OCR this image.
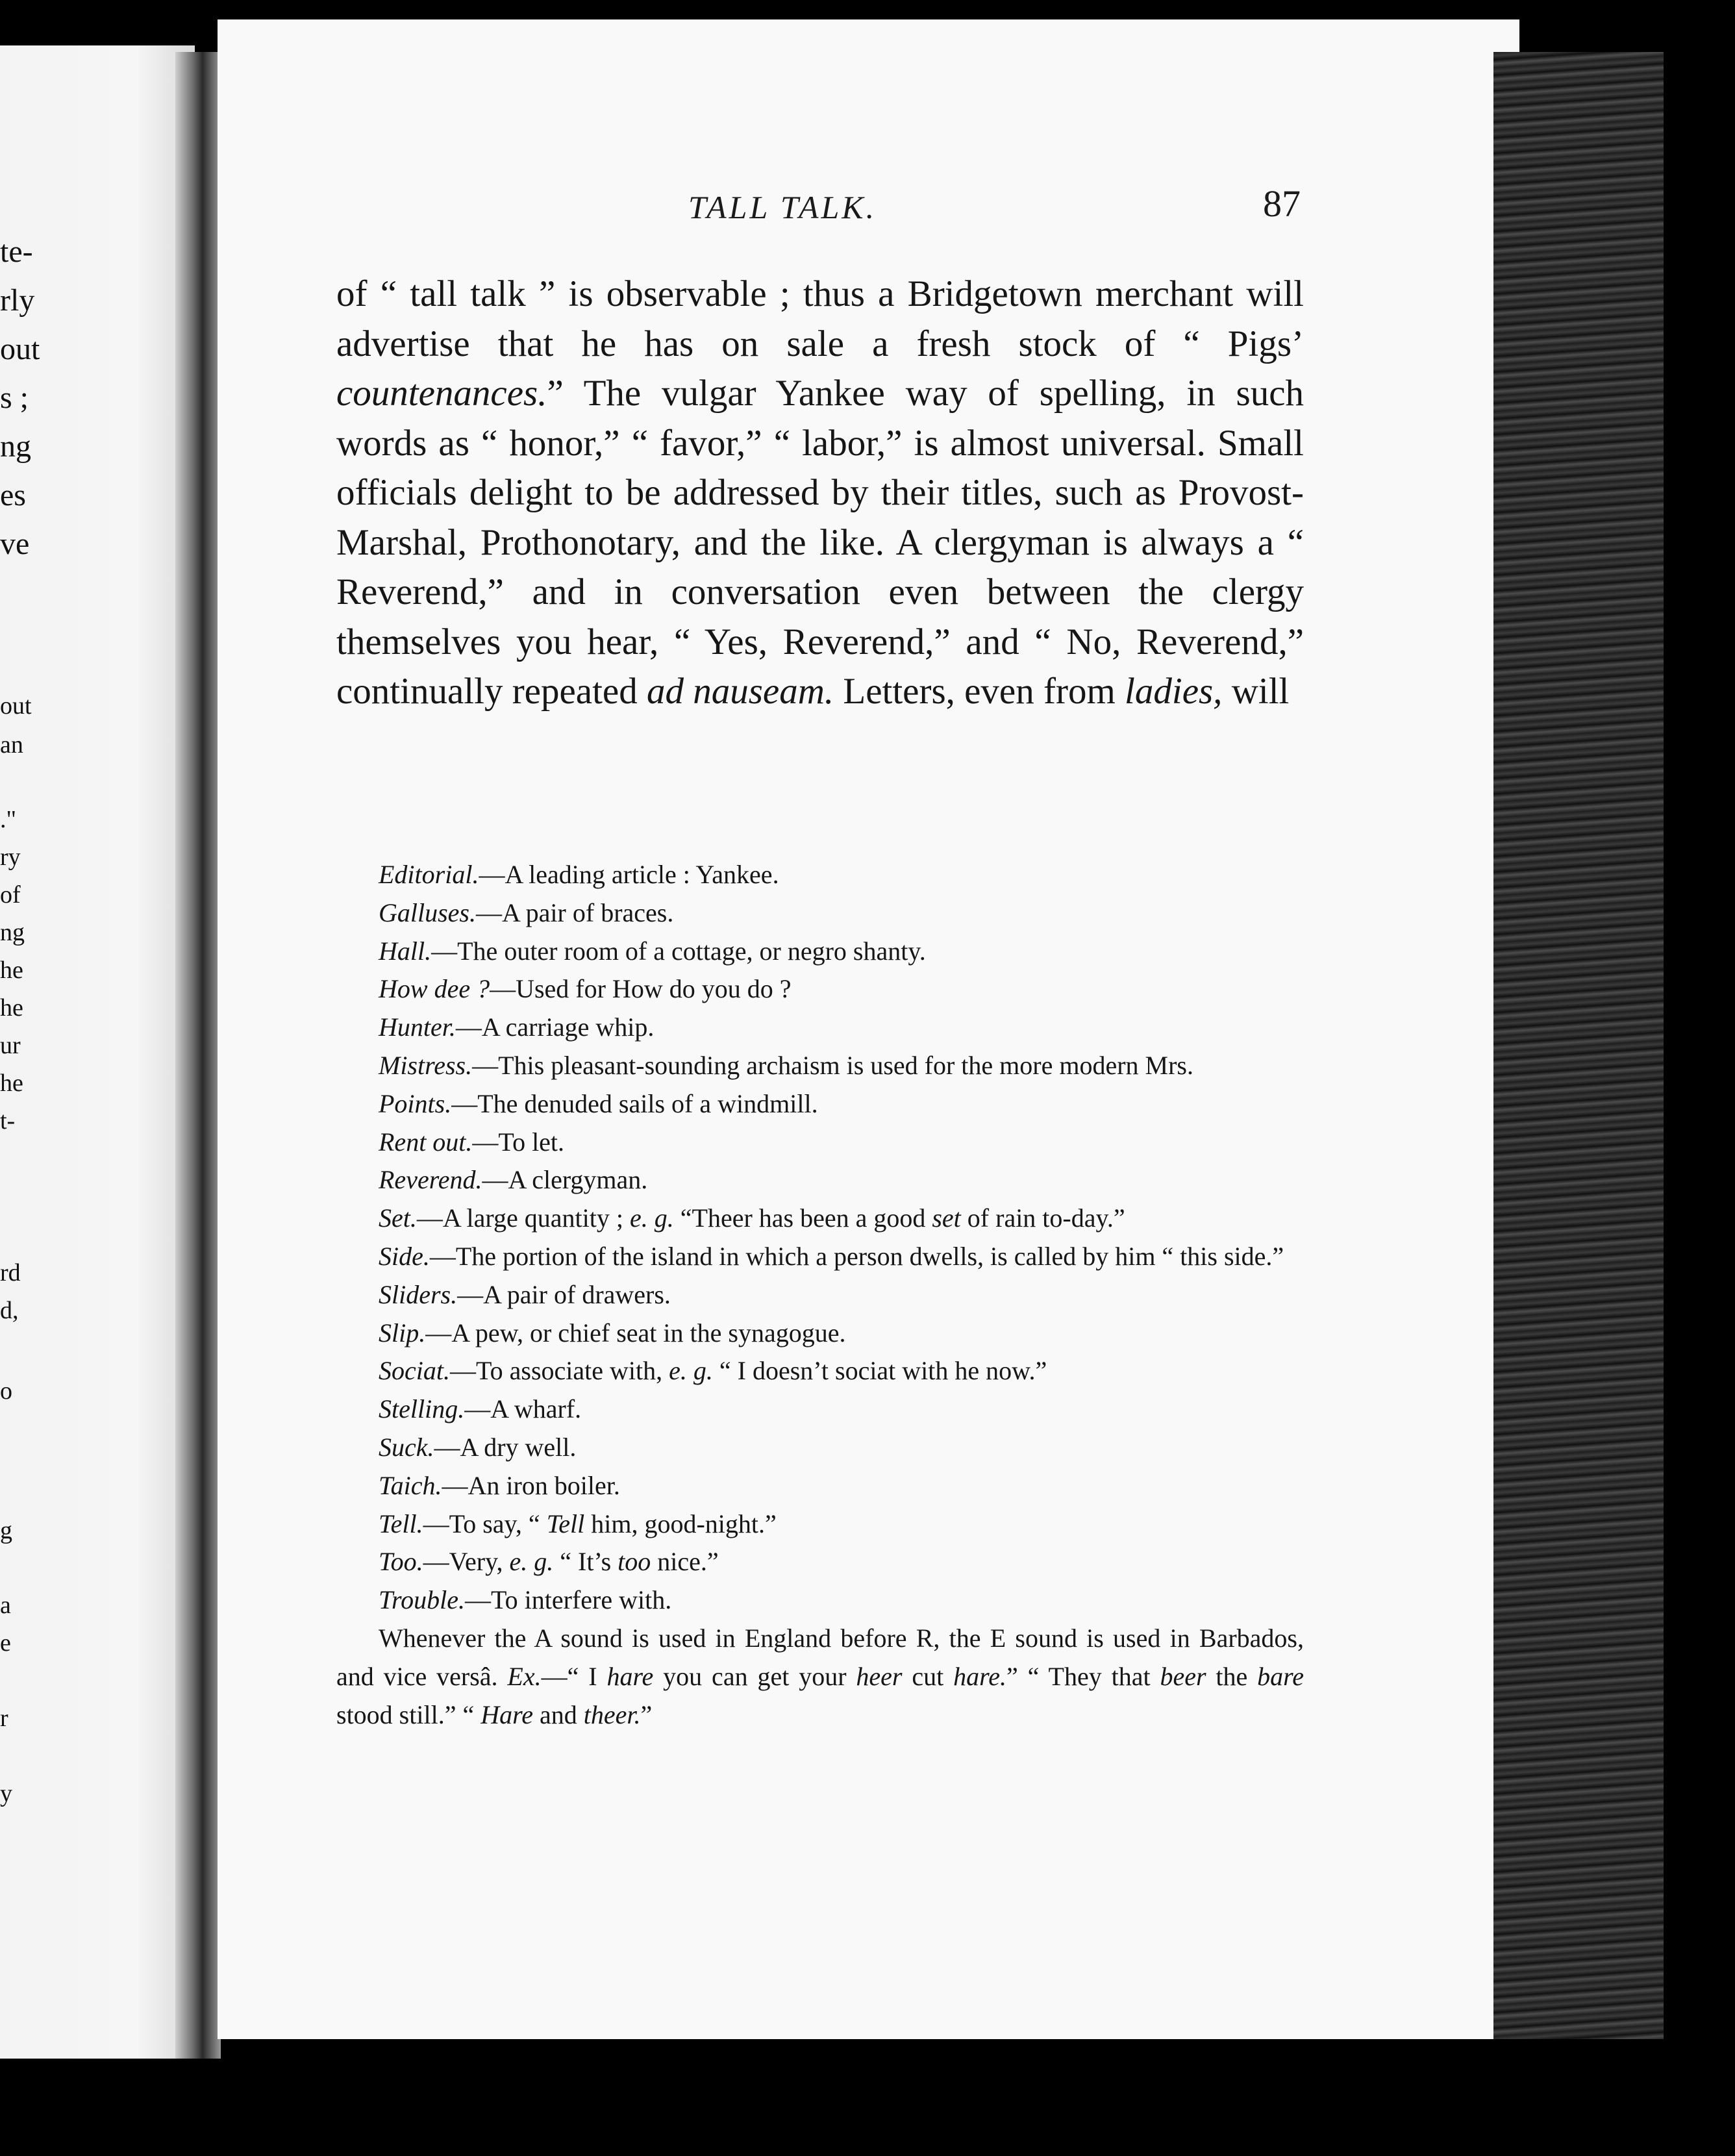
te-
rly
out
s ;
ng
es
ve
out
an
."
ry
of
ng
he
he
ur
he
t-
rd
d,
o
g
a
e
r
y
TALL TALK.	87
of “ tall talk ” is observable ; thus a Bridgetown merchant will advertise that he has on sale a fresh stock of “ Pigs’ countenances.” The vulgar Yankee way of spelling, in such words as “ honor,” “ favor,” “ labor,” is almost universal. Small officials delight to be addressed by their titles, such as Provost-Marshal, Prothonotary, and the like. A clergyman is always a “ Reverend,” and in conversation even between the clergy themselves you hear, “ Yes, Reverend,” and “ No, Reverend,” continually repeated ad nauseam. Letters, even from ladies, will

Editorial.—A leading article : Yankee.

Galluses.—A pair of braces.

Hall.—The outer room of a cottage, or negro shanty.

How dee ?—Used for How do you do ?

Hunter.—A carriage whip.

Mistress.—This pleasant-sounding archaism is used for the more modern Mrs.

Points.—The denuded sails of a windmill.

Rent out.—To let.

Reverend.—A clergyman.

Set.—A large quantity ; e. g. “Theer has been a good set of rain to-day.”

Side.—The portion of the island in which a person dwells, is called by him “ this side.”

Sliders.—A pair of drawers.

Slip.—A pew, or chief seat in the synagogue.

Sociat.—To associate with, e. g. “ I doesn’t sociat with he now.”

Stelling.—A wharf.

Suck.—A dry well.

Taich.—An iron boiler.

Tell.—To say, “ Tell him, good-night.”

Too.—Very, e. g. “ It’s too nice.”

Trouble.—To interfere with.

Whenever the A sound is used in England before R, the E sound is used in Barbados, and vice versâ. Ex.—“ I hare you can get your heer cut hare.” “ They that beer the bare stood still.” “ Hare and theer.”
